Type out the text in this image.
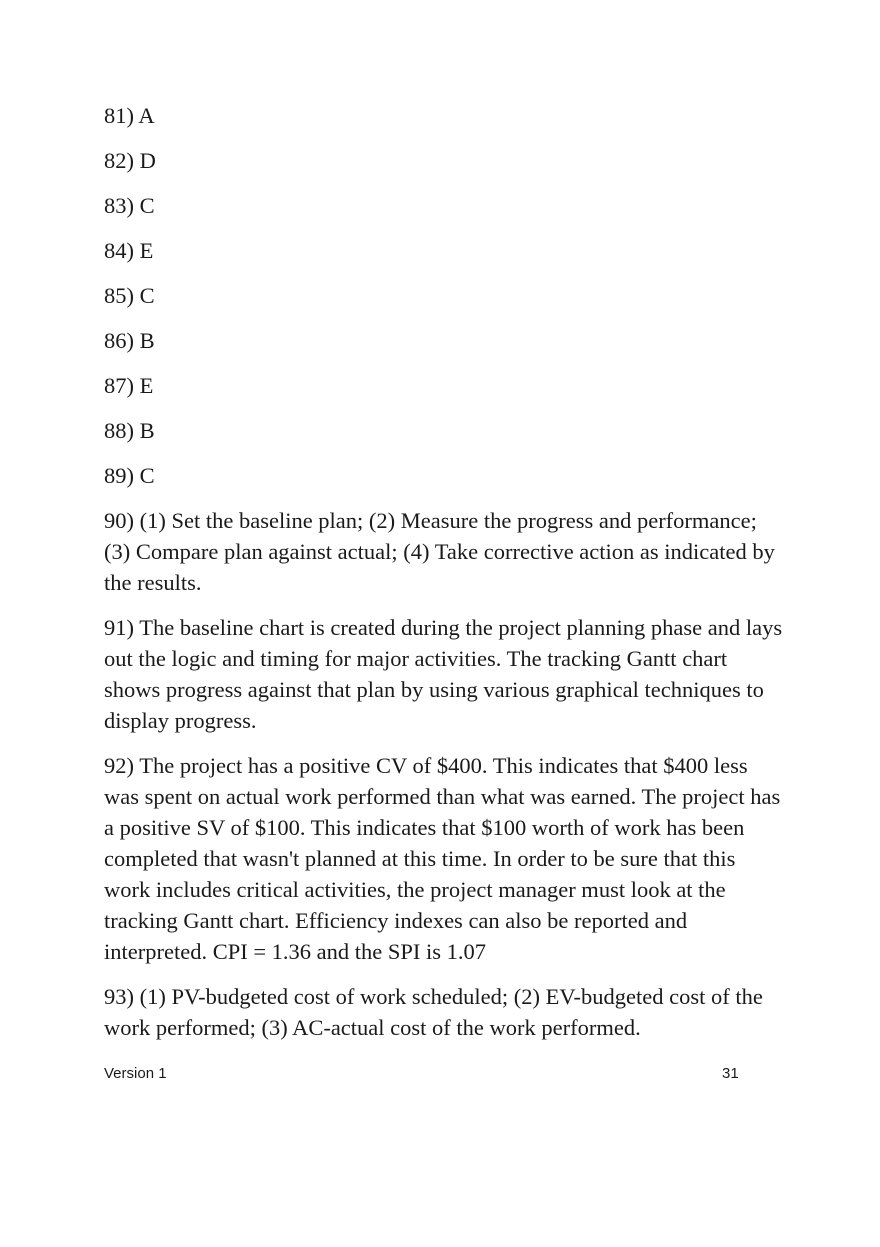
81) A
82) D
83) C
84) E
85) C
86) B
87) E
88) B
89) C

90) (1) Set the baseline plan; (2) Measure the progress and performance; (3) Compare plan against actual; (4) Take corrective action as indicated by the results.

91) The baseline chart is created during the project planning phase and lays out the logic and timing for major activities. The tracking Gantt chart shows progress against that plan by using various graphical techniques to display progress.

92) The project has a positive CV of $400. This indicates that $400 less was spent on actual work performed than what was earned. The project has a positive SV of $100. This indicates that $100 worth of work has been completed that wasn't planned at this time. In order to be sure that this work includes critical activities, the project manager must look at the tracking Gantt chart. Efficiency indexes can also be reported and interpreted. CPI = 1.36 and the SPI is 1.07

93) (1) PV-budgeted cost of work scheduled; (2) EV-budgeted cost of the work performed; (3) AC-actual cost of the work performed.

Version 1	31
